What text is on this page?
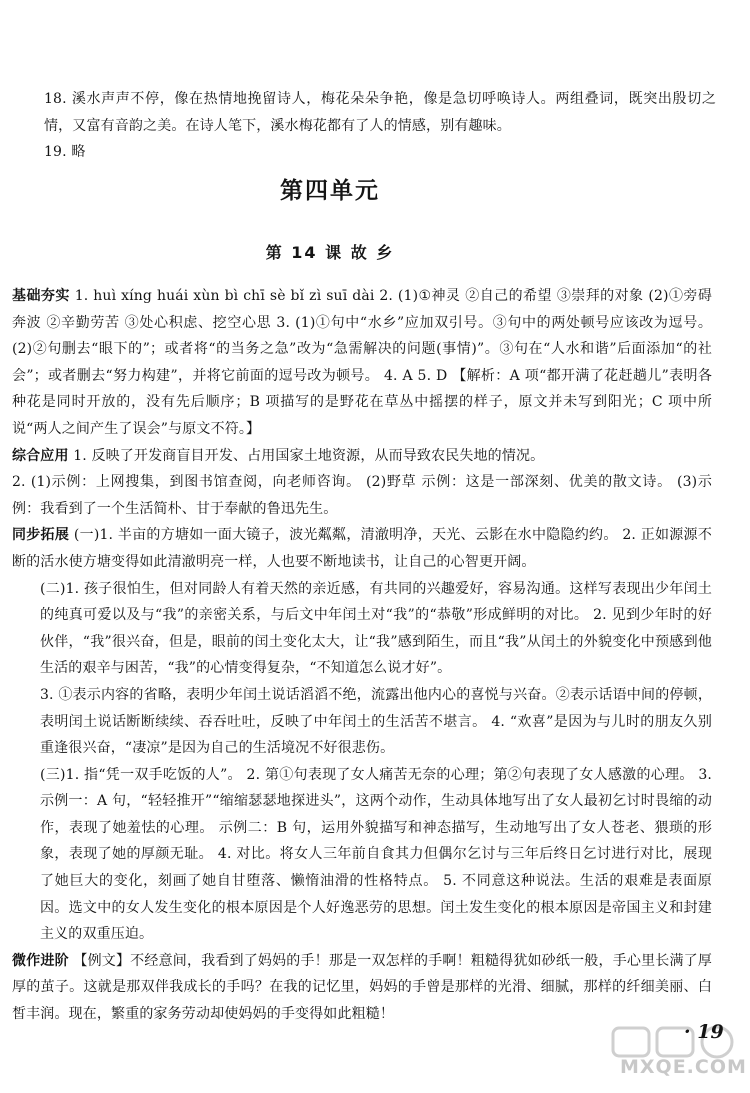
18. 溪水声声不停，像在热情地挽留诗人，梅花朵朵争艳，像是急切呼唤诗人。两组叠词，既突出殷切之情，又富有音韵之美。在诗人笔下，溪水梅花都有了人的情感，别有趣味。

19. 略

第四单元
第 14 课 故 乡

基础夯实 1. huì xíng huái xùn bì chī sè bǐ zì suī dài 2. (1)①神灵 ②自己的希望 ③崇拜的对象 (2)①旁碍奔波 ②辛勤劳苦 ③处心积虑、挖空心思 3. (1)①句中“水乡”应加双引号。③句中的两处顿号应该改为逗号。 (2)②句删去“眼下的”；或者将“的当务之急”改为“急需解决的问题(事情)”。③句在“人水和谐”后面添加“的社会”；或者删去“努力构建”，并将它前面的逗号改为顿号。 4. A 5. D 【解析：A 项“都开满了花赶趟儿”表明各种花是同时开放的，没有先后顺序；B 项描写的是野花在草丛中摇摆的样子，原文并未写到阳光；C 项中所说“两人之间产生了误会”与原文不符。】

综合应用 1. 反映了开发商盲目开发、占用国家土地资源，从而导致农民失地的情况。

2. (1)示例：上网搜集，到图书馆查阅，向老师咨询。 (2)野草 示例：这是一部深刻、优美的散文诗。 (3)示例：我看到了一个生活简朴、甘于奉献的鲁迅先生。

同步拓展 (一)1. 半亩的方塘如一面大镜子，波光粼粼，清澈明净，天光、云影在水中隐隐约约。 2. 正如源源不断的活水使方塘变得如此清澈明亮一样，人也要不断地读书，让自己的心智更开阔。

(二)1. 孩子很怕生，但对同龄人有着天然的亲近感，有共同的兴趣爱好，容易沟通。这样写表现出少年闰土的纯真可爱以及与“我”的亲密关系，与后文中年闰土对“我”的“恭敬”形成鲜明的对比。 2. 见到少年时的好伙伴，“我”很兴奋，但是，眼前的闰土变化太大，让“我”感到陌生，而且“我”从闰土的外貌变化中预感到他生活的艰辛与困苦，“我”的心情变得复杂，“不知道怎么说才好”。

3. ①表示内容的省略，表明少年闰土说话滔滔不绝，流露出他内心的喜悦与兴奋。②表示话语中间的停顿，表明闰土说话断断续续、吞吞吐吐，反映了中年闰土的生活苦不堪言。 4. “欢喜”是因为与儿时的朋友久别重逢很兴奋，“凄凉”是因为自己的生活境况不好很悲伤。

(三)1. 指“凭一双手吃饭的人”。 2. 第①句表现了女人痛苦无奈的心理；第②句表现了女人感激的心理。 3. 示例一：A 句，“轻轻推开”“缩缩瑟瑟地探进头”，这两个动作，生动具体地写出了女人最初乞讨时畏缩的动作，表现了她羞怯的心理。 示例二：B 句，运用外貌描写和神态描写，生动地写出了女人苍老、猥琐的形象，表现了她的厚颜无耻。 4. 对比。将女人三年前自食其力但偶尔乞讨与三年后终日乞讨进行对比，展现了她巨大的变化，刻画了她自甘堕落、懒惰油滑的性格特点。 5. 不同意这种说法。生活的艰难是表面原因。选文中的女人发生变化的根本原因是个人好逸恶劳的思想。闰土发生变化的根本原因是帝国主义和封建主义的双重压迫。

微作进阶 【例文】不经意间，我看到了妈妈的手！那是一双怎样的手啊！粗糙得犹如砂纸一般，手心里长满了厚厚的茧子。这就是那双伴我成长的手吗？在我的记忆里，妈妈的手曾是那样的光滑、细腻，那样的纤细美丽、白皙丰润。现在，繁重的家务劳动却使妈妈的手变得如此粗糙！

MXQE.COM
· 19
